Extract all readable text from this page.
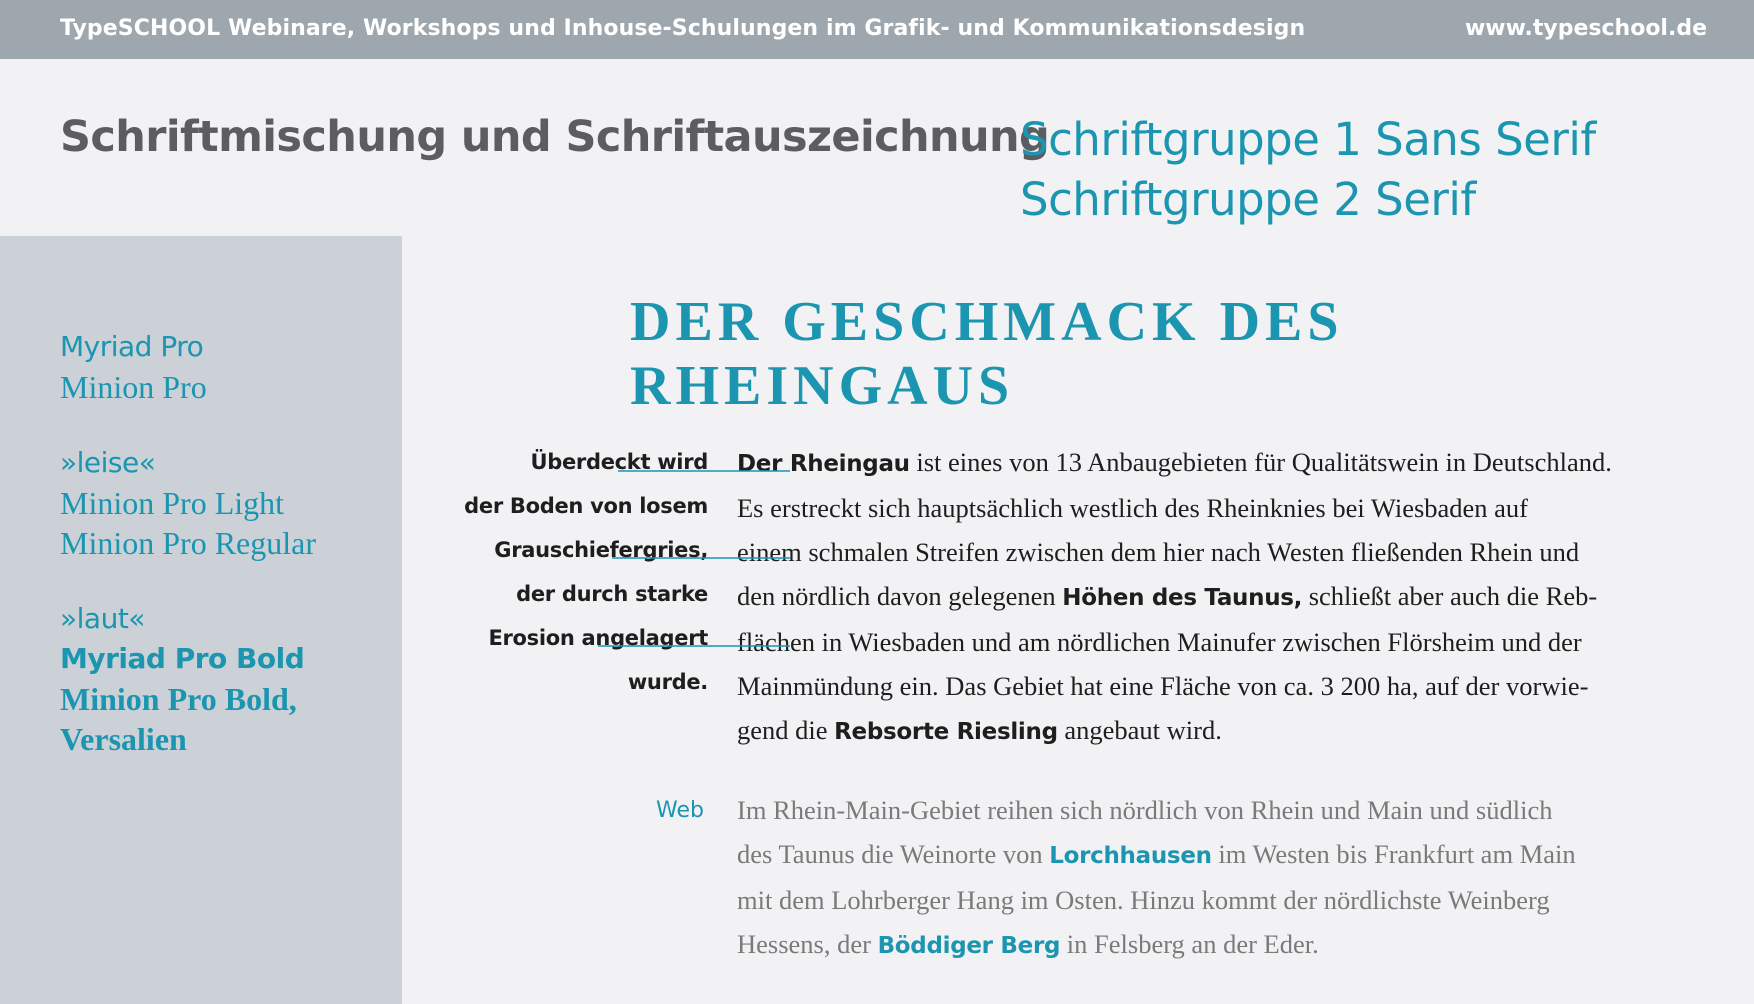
TypeSCHOOL Webinare, Workshops und Inhouse-Schulungen im Grafik- und Kommunikationsdesign	www.typeschool.de
Schriftmischung und Schriftauszeichnung
Schriftgruppe 1 Sans Serif
Schriftgruppe 2 Serif
Myriad Pro
Minion Pro
»leise«
Minion Pro Light
Minion Pro Regular
»laut«
Myriad Pro Bold
Minion Pro Bold,
Versalien
DER GESCHMACK DES
RHEINGAUS
Überdeckt wird
der Boden von losem
Grauschiefergries,
der durch starke
Erosion angelagert
wurde.
Der Rheingau ist eines von 13 Anbaugebieten für Qualitätswein in Deutschland.
Es erstreckt sich hauptsächlich westlich des Rheinknies bei Wiesbaden auf
einem schmalen Streifen zwischen dem hier nach Westen fließenden Rhein und
den nördlich davon gelegenen Höhen des Taunus, schließt aber auch die Reb-
flächen in Wiesbaden und am nördlichen Mainufer zwischen Flörsheim und der
Mainmündung ein. Das Gebiet hat eine Fläche von ca. 3 200 ha, auf der vorwie-
gend die Rebsorte Riesling angebaut wird.
Web Im Rhein-Main-Gebiet reihen sich nördlich von Rhein und Main und südlich
des Taunus die Weinorte von Lorchhausen im Westen bis Frankfurt am Main
mit dem Lohrberger Hang im Osten. Hinzu kommt der nördlichste Weinberg
Hessens, der Böddiger Berg in Felsberg an der Eder.
